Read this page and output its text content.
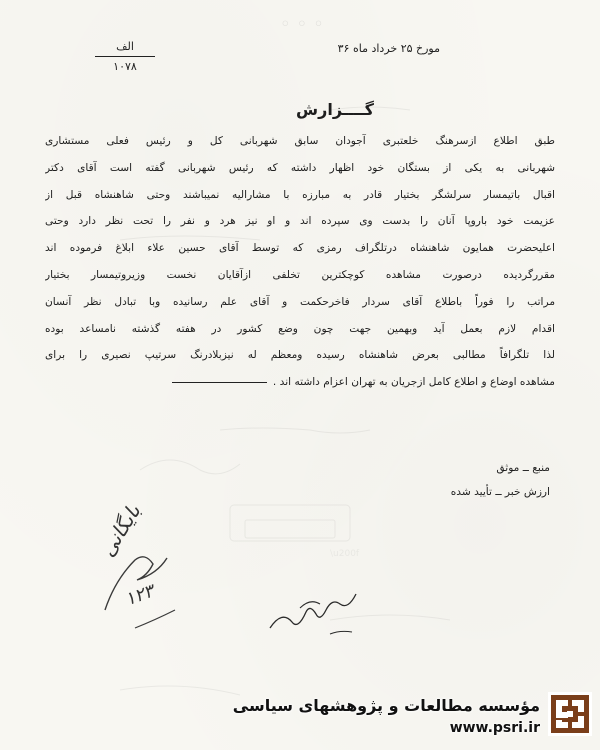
◦◦◦
مورخ ۲۵ خرداد ماه ۳۶
الف
۱۰۷۸
گــــزارش
طبق اطلاع ازسرهنگ خلعتبری آجودان سابق شهربانی کل و رئیس فعلی مستشاری
شهربانی به یکی از بستگان خود اظهار داشته که رئیس شهربانی گفته است آقای دکتر
اقبال باتیمسار سرلشگر بختیار قادر به مبارزه با مشارالیه نمیباشند وحتی شاهنشاه قبل از
عزیمت خود باروپا آنان را بدست وی سپرده اند و او نیز هرد و نفر را تحت نظر دارد وحتی
اعلیحضرت همایون شاهنشاه درتلگراف رمزی که توسط آقای حسین علاء ابلاغ فرموده اند
مقررگردیده درصورت مشاهده کوچکترین تخلفی ازآقایان نخست وزیروتیمسار بختیار
مراتب را فوراً باطلاع آقای سردار فاخرحکمت و آقای علم رسانیده وبا تبادل نظر آنسان
اقدام لازم بعمل آید وبهمین جهت چون وضع کشور در هفته گذشته نامساعد بوده
لذا تلگرافاً مطالبی بعرض شاهنشاه رسیده ومعظم له نیزبلادرنگ سرتیپ نصیری را برای
مشاهده اوضاع و اطلاع کامل ازجریان به تهران اعزام داشته اند .
منبع ــ موثق
ارزش خبر ــ تأیید شده
بایگانی
۱۲۳
مؤسسه مطالعات و پژوهشهای سیاسی
www.psri.ir
